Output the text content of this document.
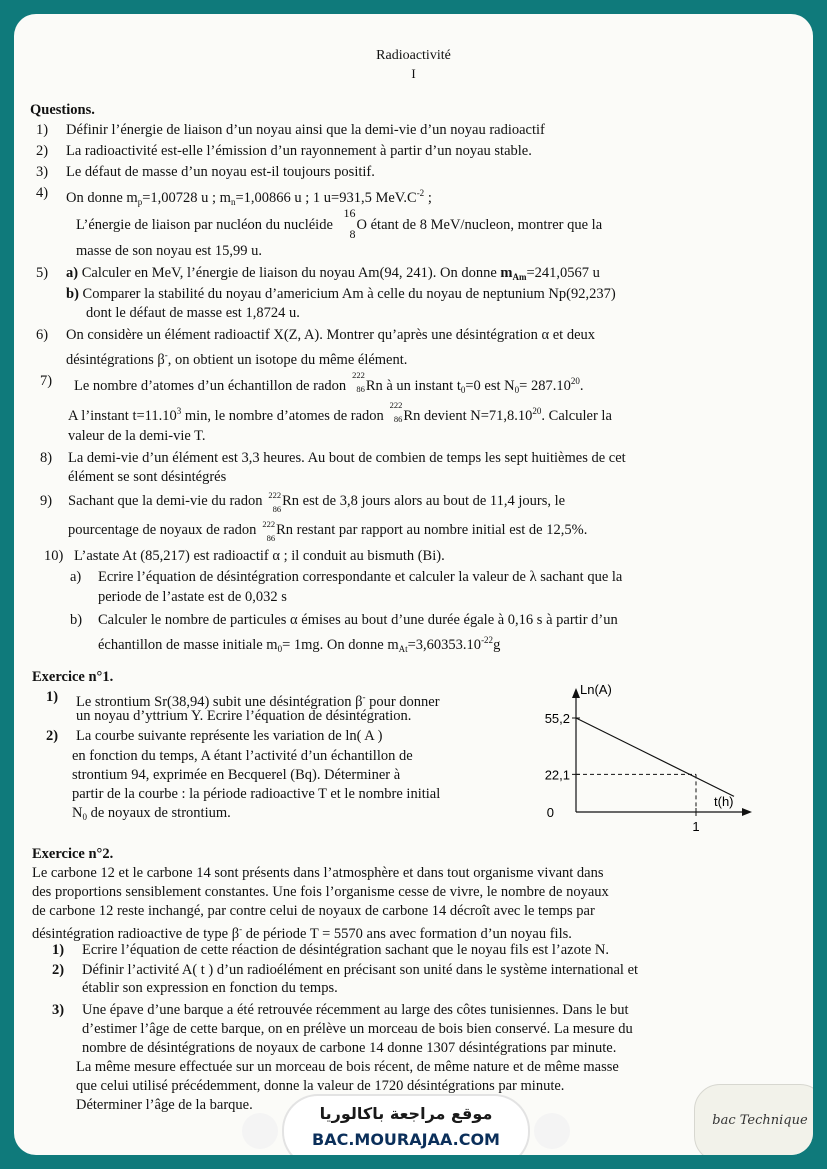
Radioactivité
I
Questions.
1) Définir l’énergie de liaison d’un noyau ainsi que la demi-vie d’un noyau radioactif
2) La radioactivité est-elle l’émission d’un rayonnement à partir d’un noyau stable.
3) Le défaut de masse d’un noyau est-il toujours positif.
4) On donne $m_p=1,00728$ u ; $m_n=1,00866$ u ; 1 u=931,5 $MeV.C^{-2}$ ;
L’énergie de liaison par nucléon du nucléide
16
8
O étant de 8 MeV/nucleon, montrer que la
masse de son noyau est 15,99 u.
5) a) Calculer en MeV, l’énergie de liaison du noyau Am(94, 241). On donne $m_{Am}=241,0567$ u
b) Comparer la stabilité du noyau d’americium Am à celle du noyau de neptunium Np(92,237)
dont le défaut de masse est 1,8724 u.
6) On considère un élément radioactif X(Z, A). Montrer qu’après une désintégration α et deux
désintégrations β-, on obtient un isotope du même élément.
7) Le nombre d’atomes d’un échantillon de radon
222
86 Rn à un instant $t_0=0$ est $N_0= 287.10^{20}$.
A l’instant $t=11.10^3$ min, le nombre d’atomes de radon
222
86 Rn devient $N=71,8.10^{20}$. Calculer la
valeur de la demi-vie T.
8) La demi-vie d’un élément est 3,3 heures. Au bout de combien de temps les sept huitièmes de cet
élément se sont désintégrés
9) Sachant que la demi-vie du radon 222
86 Rn est de 3,8 jours alors au bout de 11,4 jours, le
pourcentage de noyaux de radon 222
86 Rn restant par rapport au nombre initial est de 12,5%.
10) L’astate At (85,217) est radioactif α ; il conduit au bismuth (Bi).
a) Ecrire l’équation de désintégration correspondante et calculer la valeur de λ sachant que la
periode de l’astate est de 0,032 s
b) Calculer le nombre de particules α émises au bout d’une durée égale à 0,16 s à partir d’un
échantillon de masse initiale $m_0= 1mg$. On donne $m_{At}=3,60353.10^{-22}g$
Exercice n°1.
1) Le strontium Sr(38,94) subit une désintégration β- pour donner
un noyau d’yttrium Y. Ecrire l’équation de désintégration.
2) La courbe suivante représente les variation de ln( A )
en fonction du temps, A étant l’activité d’un échantillon de
strontium 94, exprimée en Becquerel (Bq). Déterminer à
partir de la courbe : la période radioactive T et le nombre initial
$N_0$ de noyaux de strontium.
Ln(A)
t(h)
55,2
22,1
0
1
Exercice n°2.
Le carbone 12 et le carbone 14 sont présents dans l’atmosphère et dans tout organisme vivant dans
des proportions sensiblement constantes. Une fois l’organisme cesse de vivre, le nombre de noyaux
de carbone 12 reste inchangé, par contre celui de noyaux de carbone 14 décroît avec le temps par
désintégration radioactive de type β- de période T = 5570 ans avec formation d’un noyau fils.
1) Ecrire l’équation de cette réaction de désintégration sachant que le noyau fils est l’azote N.
2) Définir l’activité A( t ) d’un radioélément en précisant son unité dans le système international et
établir son expression en fonction du temps.
3) Une épave d’une barque a été retrouvée récemment au large des côtes tunisiennes. Dans le but
d’estimer l’âge de cette barque, on en prélève un morceau de bois bien conservé. La mesure du
nombre de désintégrations de noyaux de carbone 14 donne 1307 désintégrations par minute.
La même mesure effectuée sur un morceau de bois récent, de même nature et de même masse
que celui utilisé précédemment, donne la valeur de 1720 désintégrations par minute.
Déterminer l’âge de la barque.	موقع مراجعة باكالوريا
BAC.MOURAJAA.COM
bac Technique
